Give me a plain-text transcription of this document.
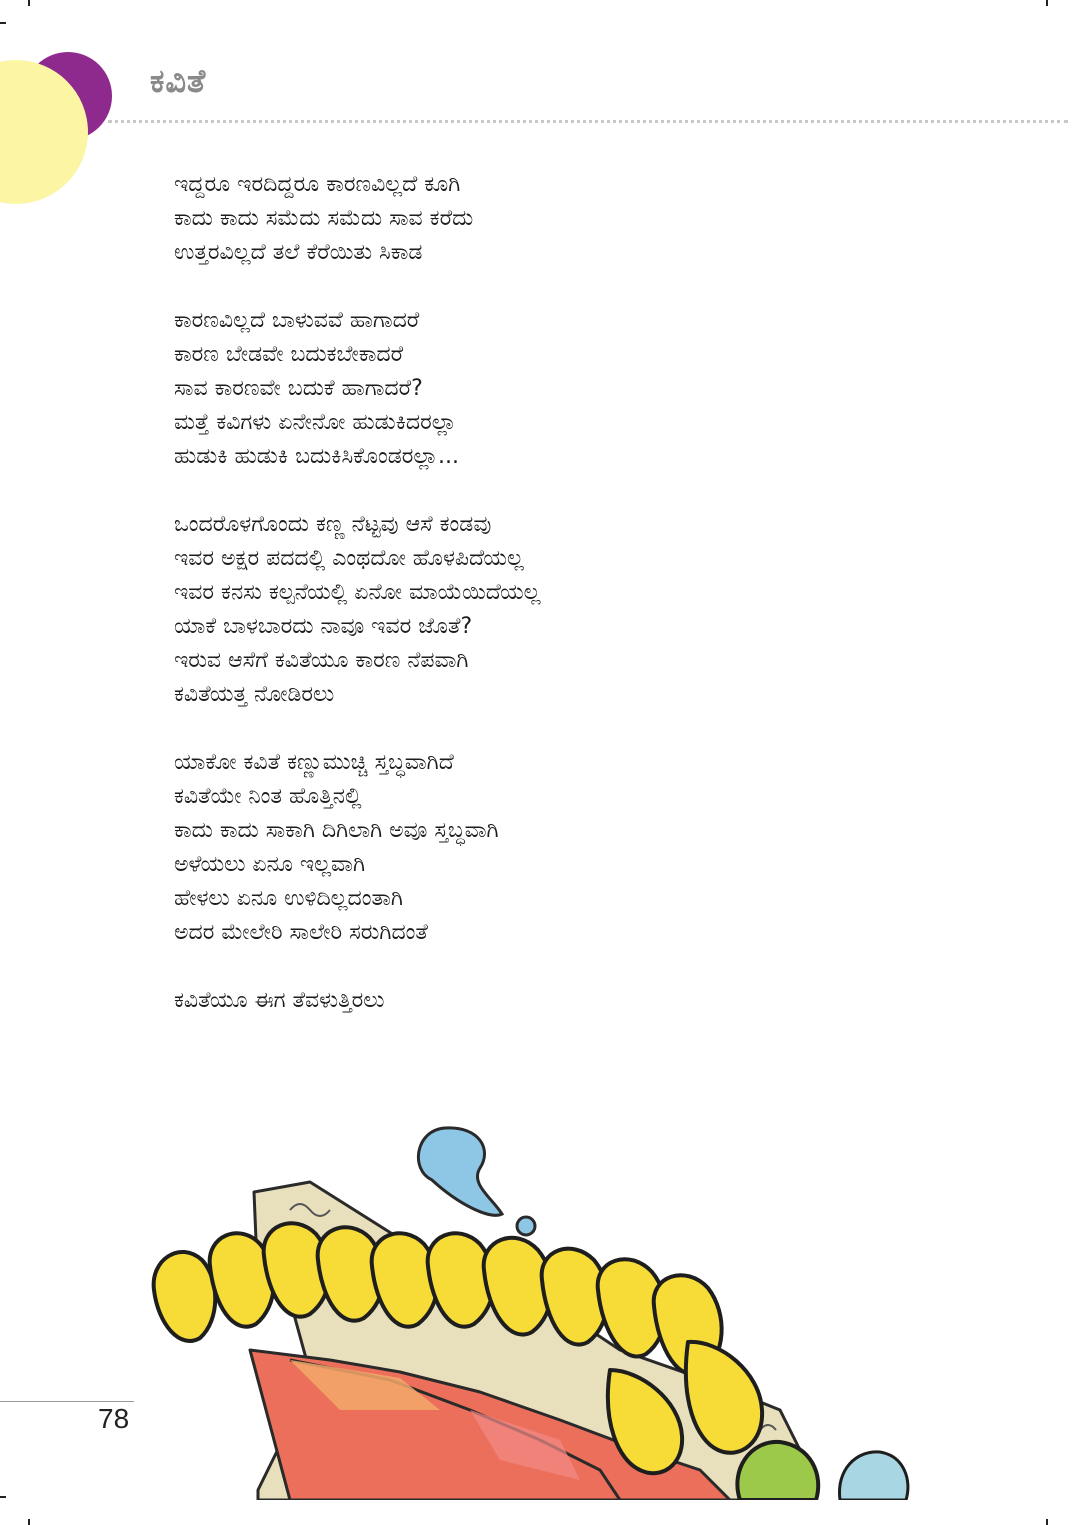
ಕವಿತೆ
ಇದ್ದರೂ ಇರದಿದ್ದರೂ ಕಾರಣವಿಲ್ಲದೆ ಕೂಗಿ
ಕಾದು ಕಾದು ಸಮೆದು ಸಮೆದು ಸಾವ ಕರೆದು
ಉತ್ತರವಿಲ್ಲದೆ ತಲೆ ಕೆರೆಯಿತು ಸಿಕಾಡ
ಕಾರಣವಿಲ್ಲದೆ ಬಾಳುವವೆ ಹಾಗಾದರೆ
ಕಾರಣ ಬೇಡವೇ ಬದುಕಬೇಕಾದರೆ
ಸಾವ ಕಾರಣವೇ ಬದುಕೆ ಹಾಗಾದರೆ?
ಮತ್ತೆ ಕವಿಗಳು ಏನೇನೋ ಹುಡುಕಿದರಲ್ಲಾ
ಹುಡುಕಿ ಹುಡುಕಿ ಬದುಕಿಸಿಕೊಂಡರಲ್ಲಾ...
ಒಂದರೊಳಗೊಂದು ಕಣ್ಣ ನೆಟ್ಟವು ಆಸೆ ಕಂಡವು
ಇವರ ಅಕ್ಷರ ಪದದಲ್ಲಿ ಎಂಥದೋ ಹೊಳಪಿದೆಯಲ್ಲ
ಇವರ ಕನಸು ಕಲ್ಪನೆಯಲ್ಲಿ ಏನೋ ಮಾಯೆಯಿದೆಯಲ್ಲ
ಯಾಕೆ ಬಾಳಬಾರದು ನಾವೂ ಇವರ ಜೊತೆ?
ಇರುವ ಆಸೆಗೆ ಕವಿತೆಯೂ ಕಾರಣ ನೆಪವಾಗಿ
ಕವಿತೆಯತ್ತ ನೋಡಿರಲು
ಯಾಕೋ ಕವಿತೆ ಕಣ್ಣುಮುಚ್ಚಿ ಸ್ತಬ್ಧವಾಗಿದೆ
ಕವಿತೆಯೇ ನಿಂತ ಹೊತ್ತಿನಲ್ಲಿ
ಕಾದು ಕಾದು ಸಾಕಾಗಿ ದಿಗಿಲಾಗಿ ಅವೂ ಸ್ತಬ್ಧವಾಗಿ
ಅಳೆಯಲು ಏನೂ ಇಲ್ಲವಾಗಿ
ಹೇಳಲು ಏನೂ ಉಳಿದಿಲ್ಲದಂತಾಗಿ
ಅದರ ಮೇಲೇರಿ ಸಾಲೇರಿ ಸರುಗಿದಂತೆ
ಕವಿತೆಯೂ ಈಗ ತೆವಳುತ್ತಿರಲು
78
